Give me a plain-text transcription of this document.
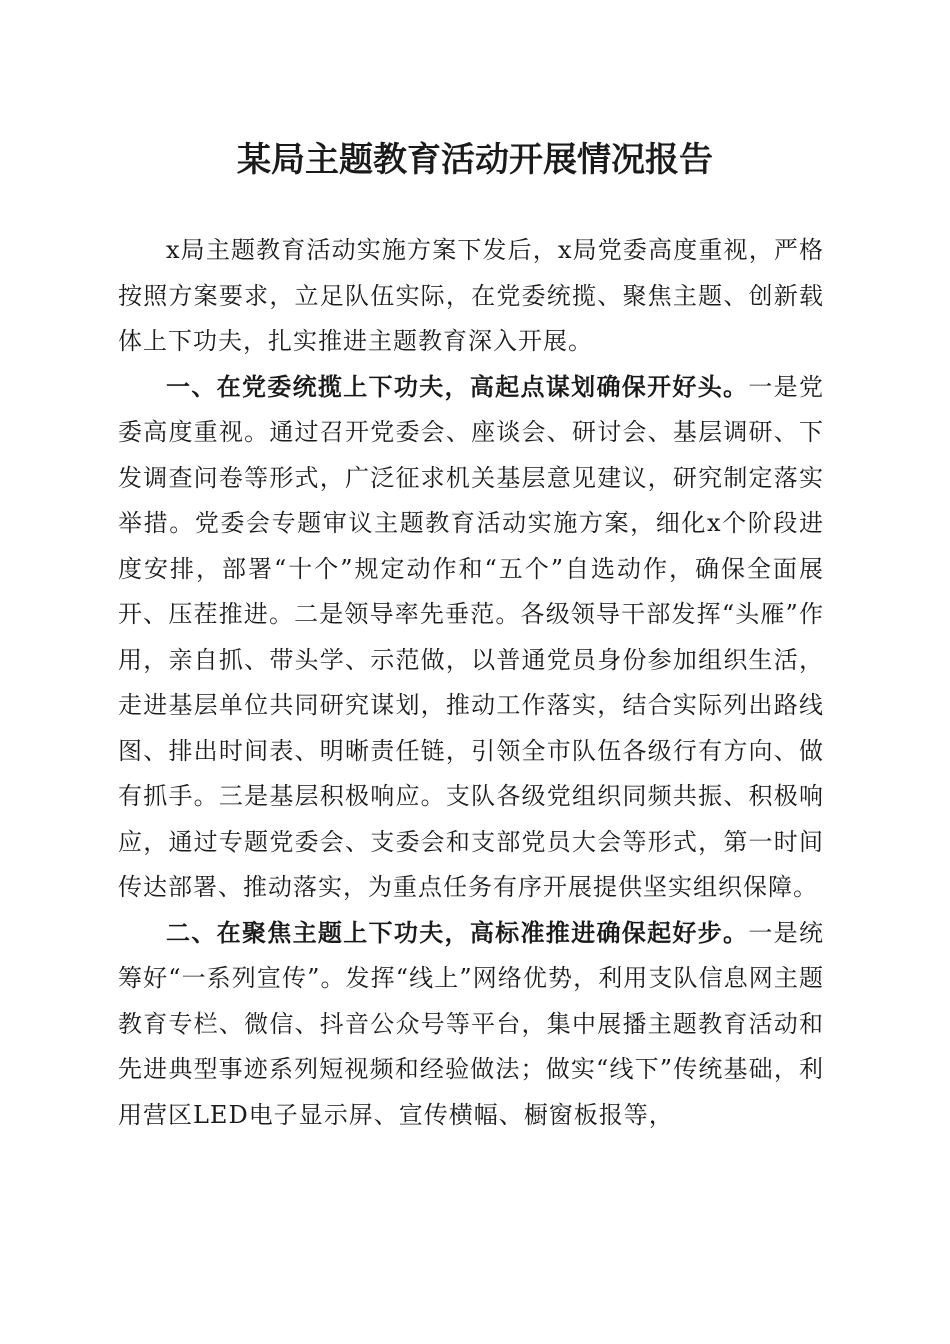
某局主题教育活动开展情况报告

x局主题教育活动实施方案下发后，x局党委高度重视，严格按照方案要求，立足队伍实际，在党委统揽、聚焦主题、创新载体上下功夫，扎实推进主题教育深入开展。

一、在党委统揽上下功夫，高起点谋划确保开好头。一是党委高度重视。通过召开党委会、座谈会、研讨会、基层调研、下发调查问卷等形式，广泛征求机关基层意见建议，研究制定落实举措。党委会专题审议主题教育活动实施方案，细化x个阶段进度安排，部署“十个”规定动作和“五个”自选动作，确保全面展开、压茬推进。二是领导率先垂范。各级领导干部发挥“头雁”作用，亲自抓、带头学、示范做，以普通党员身份参加组织生活，走进基层单位共同研究谋划，推动工作落实，结合实际列出路线图、排出时间表、明晰责任链，引领全市队伍各级行有方向、做有抓手。三是基层积极响应。支队各级党组织同频共振、积极响应，通过专题党委会、支委会和支部党员大会等形式，第一时间传达部署、推动落实，为重点任务有序开展提供坚实组织保障。

二、在聚焦主题上下功夫，高标准推进确保起好步。一是统筹好“一系列宣传”。发挥“线上”网络优势，利用支队信息网主题教育专栏、微信、抖音公众号等平台，集中展播主题教育活动和先进典型事迹系列短视频和经验做法；做实“线下”传统基础，利用营区LED电子显示屏、宣传横幅、橱窗板报等，
